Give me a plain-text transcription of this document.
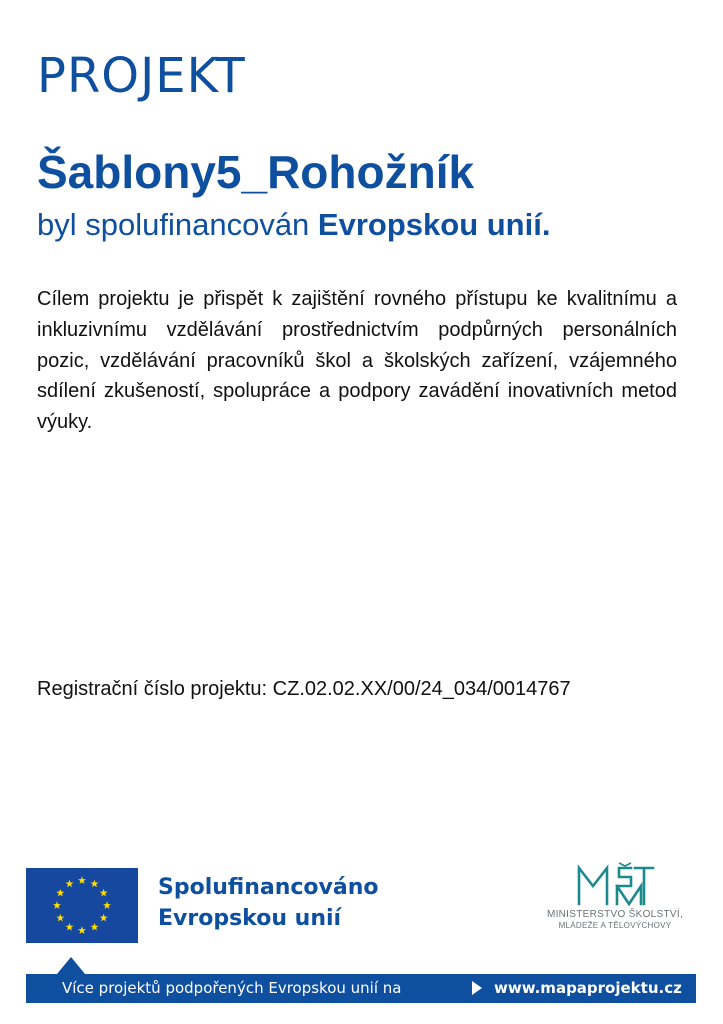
PROJEKT
Šablony5_Rohožník

byl spolufinancován Evropskou unií.

Cílem projektu je přispět k zajištění rovného přístupu ke kvalitnímu a inkluzivnímu vzdělávání prostřednictvím podpůrných personálních pozic, vzdělávání pracovníků škol a školských zařízení, vzájemného sdílení zkušeností, spolupráce a podpory zavádění inovativních metod výuky.

Registrační číslo projektu: CZ.02.02.XX/00/24_034/0014767

Spolufinancováno
Evropskou unií	MINISTERSTVO ŠKOLSTVÍ,
MLÁDEŽE A TĚLOVÝCHOVY
Více projektů podpořených Evropskou unií na	www.mapaprojektu.cz
